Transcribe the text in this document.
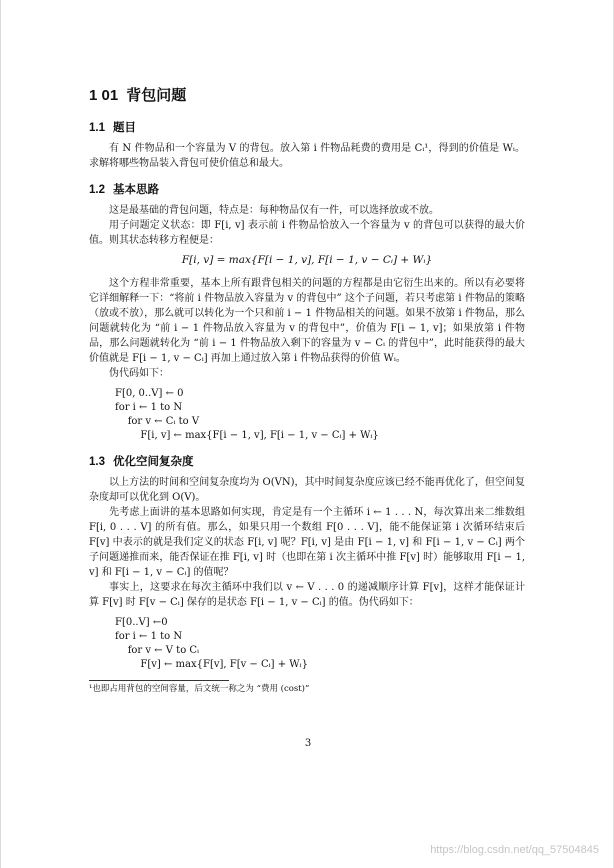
1 01 背包问题
1.1 题目

有 N 件物品和一个容量为 V 的背包。放入第 i 件物品耗费的费用是 Cᵢ¹，得到的价值是 Wᵢ。求解将哪些物品装入背包可使价值总和最大。

1.2 基本思路

这是最基础的背包问题，特点是：每种物品仅有一件，可以选择放或不放。

用子问题定义状态：即 F[i, v] 表示前 i 件物品恰放入一个容量为 v 的背包可以获得的最大价值。则其状态转移方程便是：

F[i, v] = max{F[i − 1, v], F[i − 1, v − Cᵢ] + Wᵢ}

这个方程非常重要，基本上所有跟背包相关的问题的方程都是由它衍生出来的。所以有必要将它详细解释一下：“将前 i 件物品放入容量为 v 的背包中” 这个子问题，若只考虑第 i 件物品的策略（放或不放），那么就可以转化为一个只和前 i − 1 件物品相关的问题。如果不放第 i 件物品，那么问题就转化为 “前 i − 1 件物品放入容量为 v 的背包中”，价值为 F[i − 1, v]；如果放第 i 件物品，那么问题就转化为 “前 i − 1 件物品放入剩下的容量为 v − Cᵢ 的背包中”，此时能获得的最大价值就是 F[i − 1, v − Cᵢ] 再加上通过放入第 i 件物品获得的价值 Wᵢ。

伪代码如下：

F[0, 0..V] ← 0
for i ← 1 to N
for v ← Cᵢ to V
F[i, v] ← max{F[i − 1, v], F[i − 1, v − Cᵢ] + Wᵢ}
1.3 优化空间复杂度

以上方法的时间和空间复杂度均为 O(VN)，其中时间复杂度应该已经不能再优化了，但空间复杂度却可以优化到 O(V)。

先考虑上面讲的基本思路如何实现，肯定是有一个主循环 i ← 1 . . . N，每次算出来二维数组 F[i, 0 . . . V] 的所有值。那么，如果只用一个数组 F[0 . . . V]，能不能保证第 i 次循环结束后 F[v] 中表示的就是我们定义的状态 F[i, v] 呢？F[i, v] 是由 F[i − 1, v] 和 F[i − 1, v − Cᵢ] 两个子问题递推而来，能否保证在推 F[i, v] 时（也即在第 i 次主循环中推 F[v] 时）能够取用 F[i − 1, v] 和 F[i − 1, v − Cᵢ] 的值呢？

事实上，这要求在每次主循环中我们以 v ← V . . . 0 的递减顺序计算 F[v]，这样才能保证计算 F[v] 时 F[v − Cᵢ] 保存的是状态 F[i − 1, v − Cᵢ] 的值。伪代码如下：

F[0..V] ←0
for i ← 1 to N
for v ← V to Cᵢ
F[v] ← max{F[v], F[v − Cᵢ] + Wᵢ}
¹也即占用背包的空间容量，后文统一称之为 “费用 (cost)”
3
https://blog.csdn.net/qq_57504845
